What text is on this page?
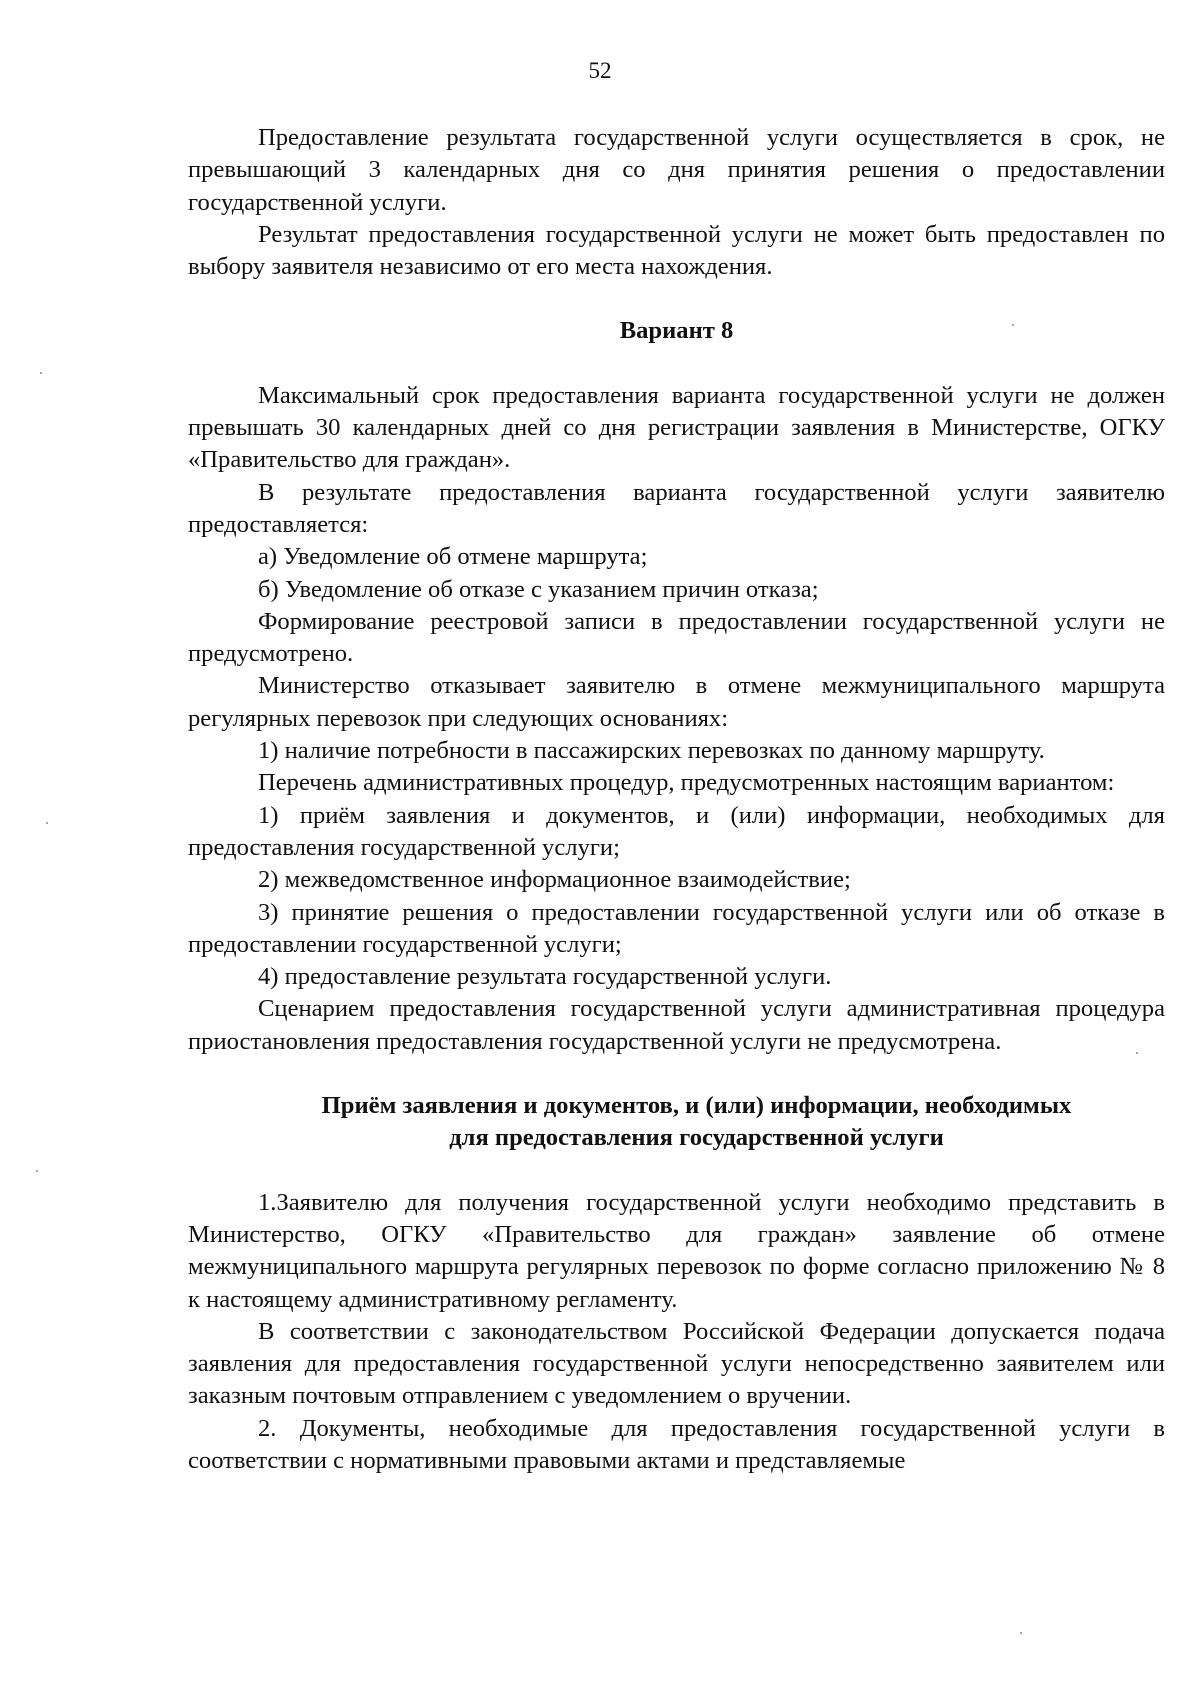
52

Предоставление результата государственной услуги осуществляется в срок, не превышающий 3 календарных дня со дня принятия решения о предоставлении государственной услуги.

Результат предоставления государственной услуги не может быть предоставлен по выбору заявителя независимо от его места нахождения.

Вариант 8

Максимальный срок предоставления варианта государственной услуги не должен превышать 30 календарных дней со дня регистрации заявления в Министерстве, ОГКУ «Правительство для граждан».

В результате предоставления варианта государственной услуги заявителю предоставляется:

а) Уведомление об отмене маршрута;

б) Уведомление об отказе с указанием причин отказа;

Формирование реестровой записи в предоставлении государственной услуги не предусмотрено.

Министерство отказывает заявителю в отмене межмуниципального маршрута регулярных перевозок при следующих основаниях:

1) наличие потребности в пассажирских перевозках по данному маршруту.

Перечень административных процедур, предусмотренных настоящим вариантом:

1) приём заявления и документов, и (или) информации, необходимых для предоставления государственной услуги;

2) межведомственное информационное взаимодействие;

3) принятие решения о предоставлении государственной услуги или об отказе в предоставлении государственной услуги;

4) предоставление результата государственной услуги.

Сценарием предоставления государственной услуги административная процедура приостановления предоставления государственной услуги не предусмотрена.

Приём заявления и документов, и (или) информации, необходимых
для предоставления государственной услуги

1.Заявителю для получения государственной услуги необходимо представить в Министерство, ОГКУ «Правительство для граждан» заявление об отмене межмуниципального маршрута регулярных перевозок по форме согласно приложению № 8 к настоящему административному регламенту.

В соответствии с законодательством Российской Федерации допускается подача заявления для предоставления государственной услуги непосредственно заявителем или заказным почтовым отправлением с уведомлением о вручении.

2. Документы, необходимые для предоставления государственной услуги в соответствии с нормативными правовыми актами и представляемые
